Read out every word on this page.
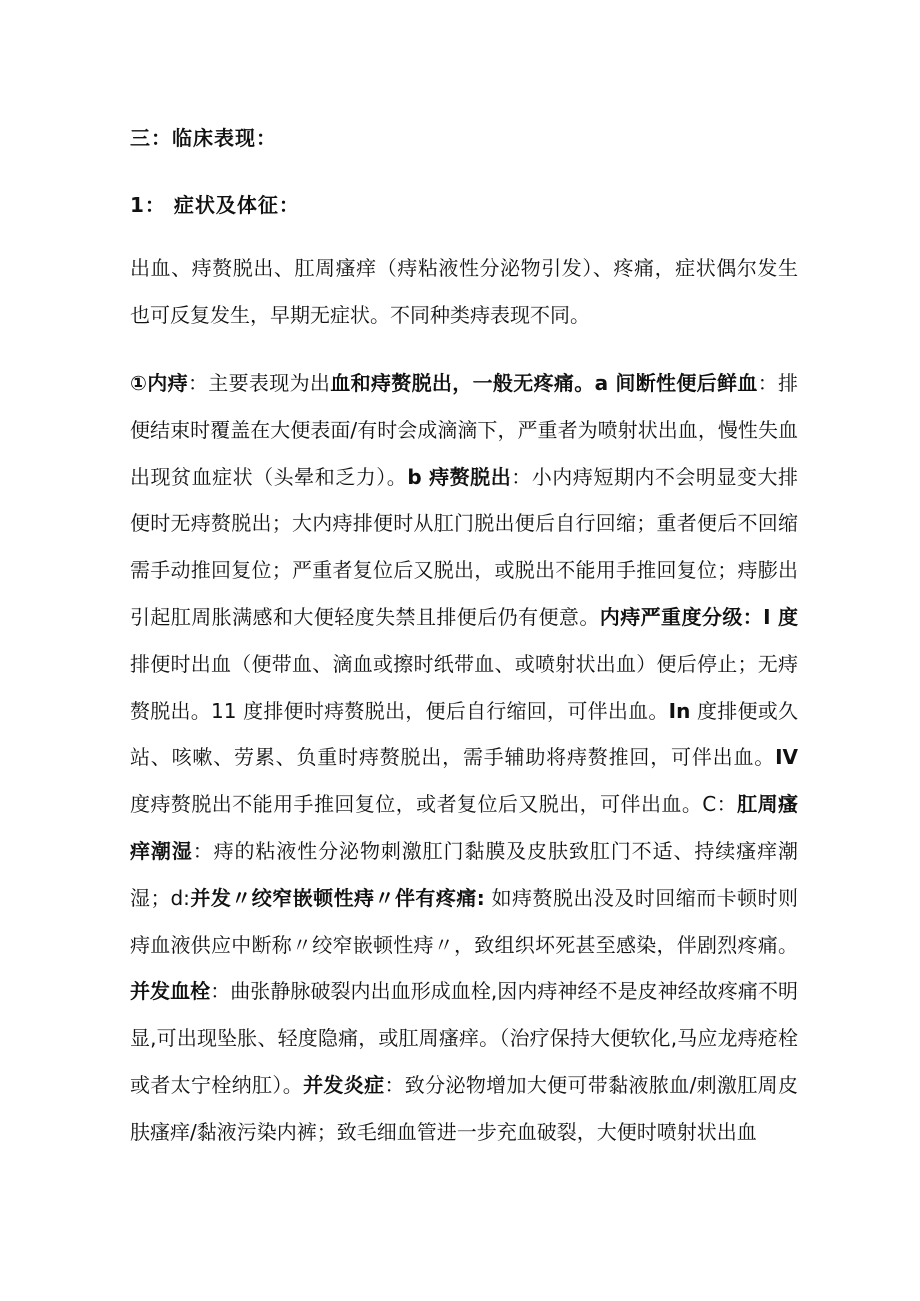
三：临床表现：
1： 症状及体征：

出血、痔赘脱出、肛周瘙痒（痔粘液性分泌物引发）、疼痛，症状偶尔发生也可反复发生，早期无症状。不同种类痔表现不同。

①内痔：主要表现为出血和痔赘脱出，一般无疼痛。a 间断性便后鲜血：排便结束时覆盖在大便表面/有时会成滴滴下，严重者为喷射状出血，慢性失血出现贫血症状（头晕和乏力）。b 痔赘脱出：小内痔短期内不会明显变大排便时无痔赘脱出；大内痔排便时从肛门脱出便后自行回缩；重者便后不回缩需手动推回复位；严重者复位后又脱出，或脱出不能用手推回复位；痔膨出引起肛周胀满感和大便轻度失禁且排便后仍有便意。内痔严重度分级：I 度排便时出血（便带血、滴血或擦时纸带血、或喷射状出血）便后停止；无痔赘脱出。11 度排便时痔赘脱出，便后自行缩回，可伴出血。In 度排便或久站、咳嗽、劳累、负重时痔赘脱出，需手辅助将痔赘推回，可伴出血。IV 度痔赘脱出不能用手推回复位，或者复位后又脱出，可伴出血。C：肛周瘙痒潮湿：痔的粘液性分泌物刺激肛门黏膜及皮肤致肛门不适、持续瘙痒潮湿；d:并发〃绞窄嵌顿性痔〃伴有疼痛: 如痔赘脱出没及时回缩而卡顿时则痔血液供应中断称〃绞窄嵌顿性痔〃，致组织坏死甚至感染，伴剧烈疼痛。并发血栓：曲张静脉破裂内出血形成血栓,因内痔神经不是皮神经故疼痛不明显,可出现坠胀、轻度隐痛，或肛周瘙痒。（治疗保持大便软化,马应龙痔疮栓或者太宁栓纳肛）。并发炎症：致分泌物增加大便可带黏液脓血/刺激肛周皮肤瘙痒/黏液污染内裤；致毛细血管进一步充血破裂，大便时喷射状出血
